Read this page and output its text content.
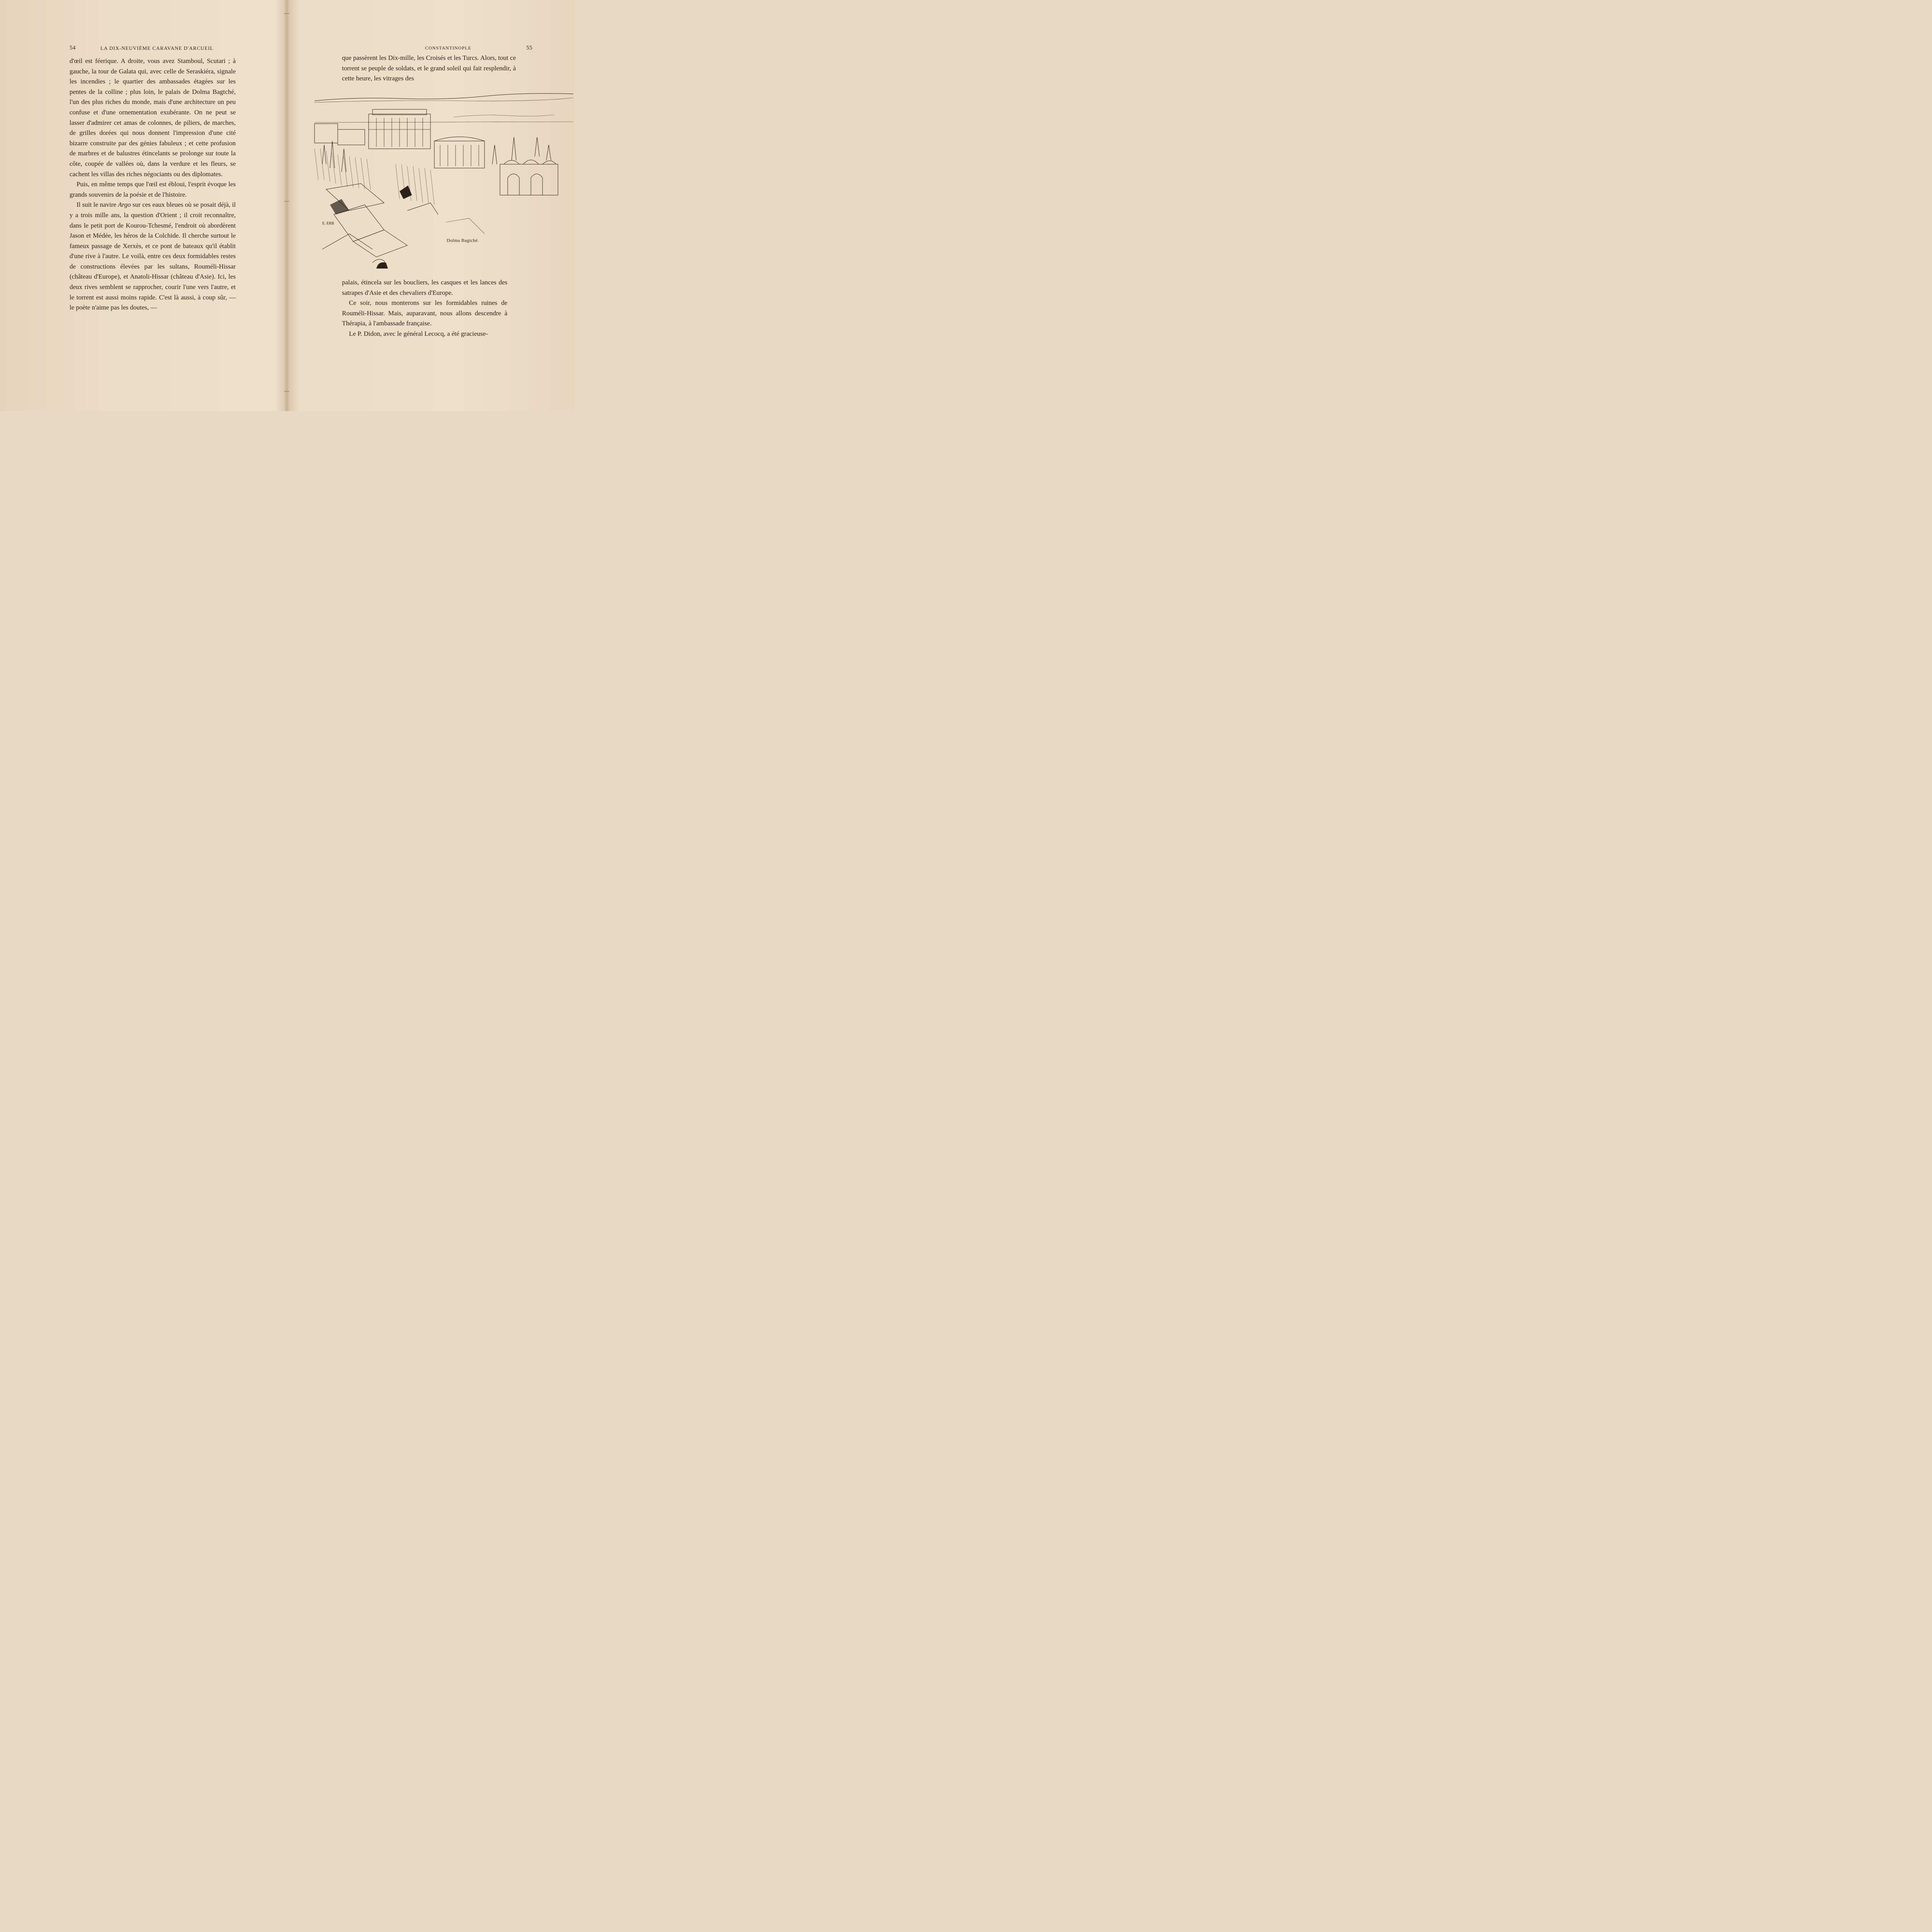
54	LA DIX-NEUVIÈME CARAVANE D'ARCUEIL

d'œil est féerique. A droite, vous avez Stamboul, Scutari ; à gauche, la tour de Galata qui, avec celle de Seraskiéra, signale les incendies ; le quartier des ambassades étagées sur les pentes de la colline ; plus loin, le palais de Dolma Bagtché, l'un des plus riches du monde, mais d'une architecture un peu confuse et d'une ornementation exubérante. On ne peut se lasser d'admirer cet amas de colonnes, de piliers, de marches, de grilles dorées qui nous donnent l'impression d'une cité bizarre construite par des génies fabuleux ; et cette profusion de marbres et de balustres étincelants se prolonge sur toute la côte, coupée de vallées où, dans la verdure et les fleurs, se cachent les villas des riches négociants ou des diplomates.

Puis, en même temps que l'œil est ébloui, l'esprit évoque les grands souvenirs de la poésie et de l'histoire.

Il suit le navire Argo sur ces eaux bleues où se posait déjà, il y a trois mille ans, la question d'Orient ; il croit reconnaître, dans le petit port de Kourou-Tchesmé, l'endroit où abordèrent Jason et Médée, les héros de la Colchide. Il cherche surtout le fameux passage de Xerxès, et ce pont de bateaux qu'il établit d'une rive à l'autre. Le voilà, entre ces deux formidables restes de constructions élevées par les sultans, Rouméli-Hissar (château d'Europe), et Anatoli-Hissar (château d'Asie). Ici, les deux rives semblent se rapprocher, courir l'une vers l'autre, et le torrent est aussi moins rapide. C'est là aussi, à coup sûr, — le poète n'aime pas les doutes, —

CONSTANTINOPLE	55

que passèrent les Dix-mille, les Croisés et les Turcs. Alors, tout ce torrent se peuple de soldats, et le grand soleil qui fait resplendir, à cette heure, les vitrages des

E. ERB
Dolma Bagtché.

palais, étincela sur les boucliers, les casques et les lances des satrapes d'Asie et des chevaliers d'Europe.

Ce soir, nous monterons sur les formidables ruines de Rouméli-Hissar. Mais, auparavant, nous allons descendre à Thérapia, à l'ambassade française.

Le P. Didon, avec le général Lecocq, a été gracieuse-
